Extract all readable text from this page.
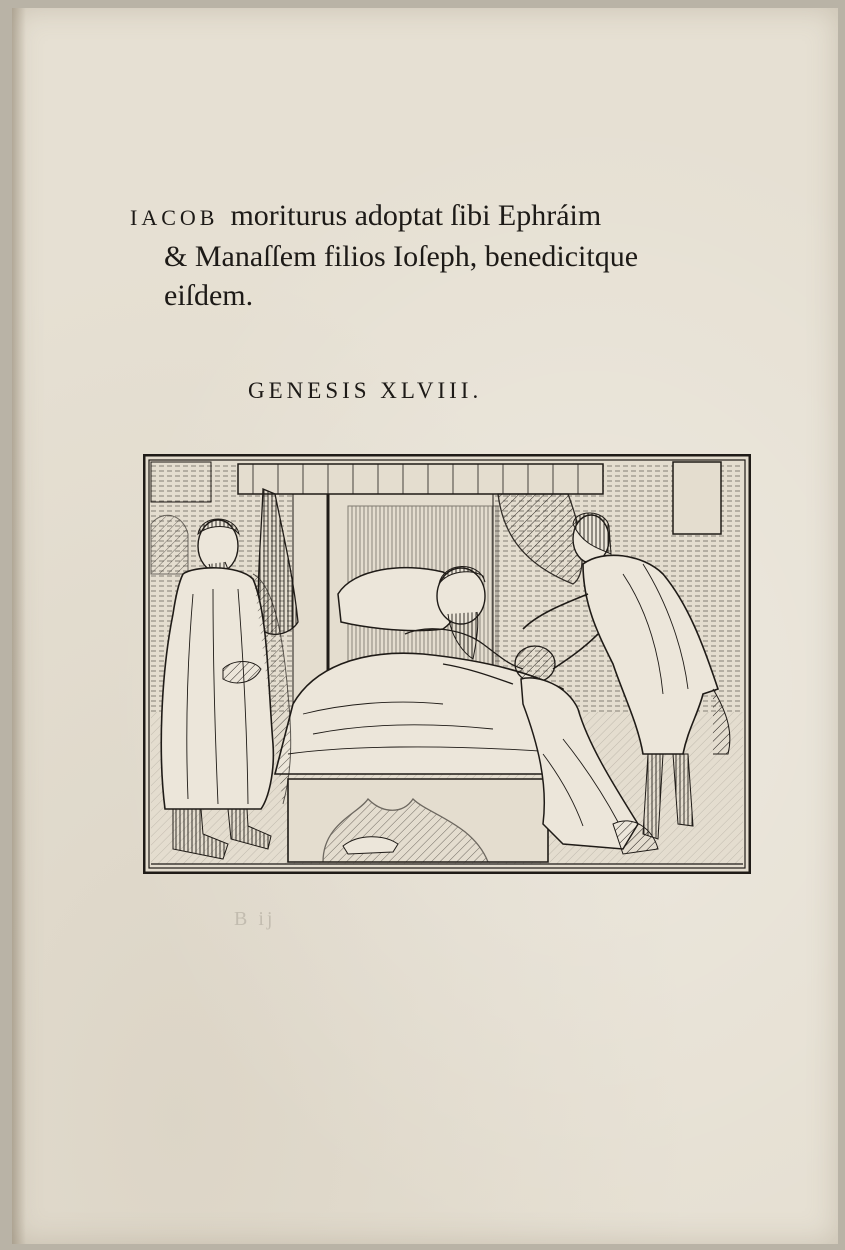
IACOB moriturus adoptat ſibi Ephráim
& Manaſſem filios Ioſeph, benedicitque
eiſdem.
GENESIS XLVIII.
B ij
